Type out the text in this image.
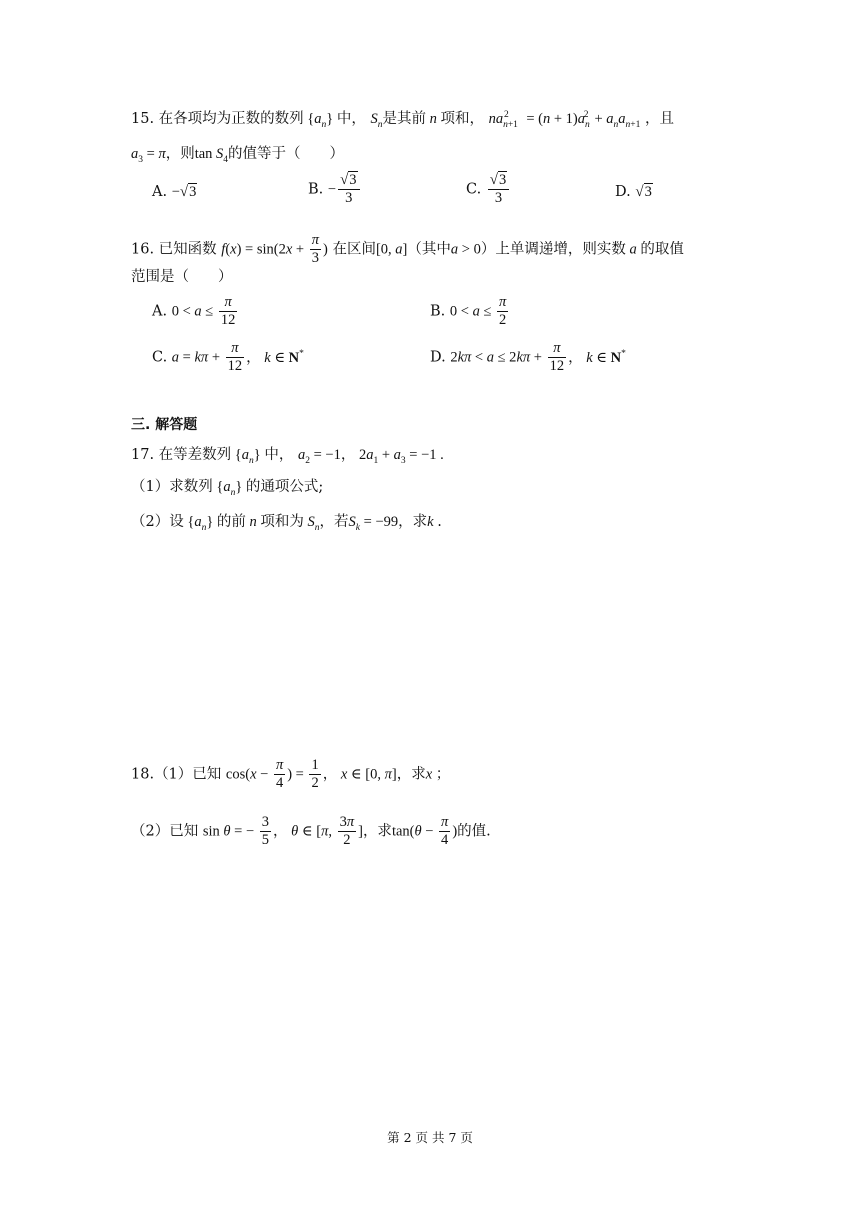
15. 在各项均为正数的数列 $\{a_n\}$ 中， $S_n$是其前 n 项和， $na_{n+1}^2 = (n + 1)a_n^2 + a_na_{n+1}$ ，且
$a_3 = \pi$，则$\tan S_4$的值等于（　　）
A. −√3	B. − $\frac{√3}{3}$	C. $\frac{√3}{3}$	D. √3
16. 已知函数 $f(x) = \sin(2x + \frac{\pi}{3}$ ) 在区间[0, a]（其中a > 0）上单调递增，则实数 a 的取值
范围是（　　）
A. $0 < a \le \frac{\pi}{12}$	B. $0 < a \le \frac{\pi}{2}$
C. $a = k\pi + \frac{\pi}{12}$ ， k ∈ N*	D. $2k\pi < a \le 2k\pi + \frac{\pi}{12}$ ， k ∈ N*
三. 解答题
17. 在等差数列 $\{a_n\}$ 中， $a_2 = -1$， $2a_1 + a_3 = -1$ .
（1）求数列 $\{a_n\}$ 的通项公式;
（2）设 $\{a_n\}$ 的前 n 项和为 $S_n$，若$S_k = -99$，求k .
18.（1）已知 $\cos(x - \frac{\pi}{4}$ ) = $\frac{1}{2}$ ， x ∈ [0, π]，求x ；
（2）已知 sin θ = − $\frac{3}{5}$ ， θ ∈ [π, $\frac{3\pi}{2}$ ]，求$\tan(\theta - \frac{\pi}{4}$ )的值.
第 2 页 共 7 页
